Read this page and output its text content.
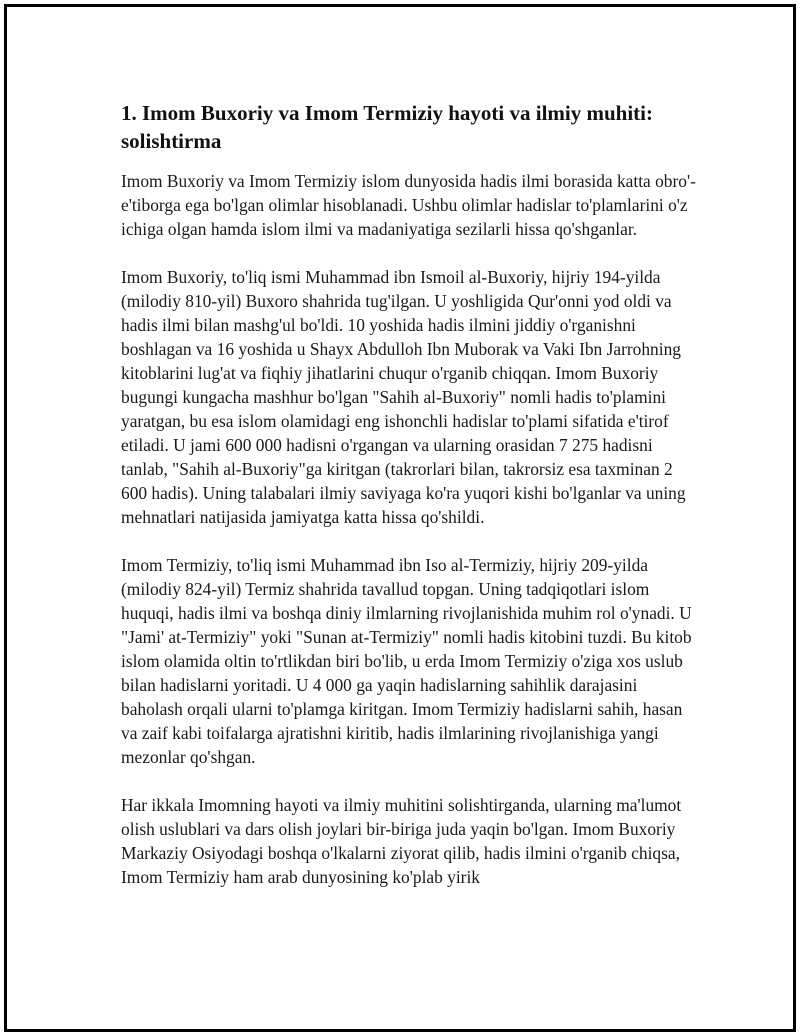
1. Imom Buxoriy va Imom Termiziy hayoti va ilmiy muhiti: solishtirma

Imom Buxoriy va Imom Termiziy islom dunyosida hadis ilmi borasida katta obro'-e'tiborga ega bo'lgan olimlar hisoblanadi. Ushbu olimlar hadislar to'plamlarini o'z ichiga olgan hamda islom ilmi va madaniyatiga sezilarli hissa qo'shganlar.

Imom Buxoriy, to'liq ismi Muhammad ibn Ismoil al-Buxoriy, hijriy 194-yilda (milodiy 810-yil) Buxoro shahrida tug'ilgan. U yoshligida Qur'onni yod oldi va hadis ilmi bilan mashg'ul bo'ldi. 10 yoshida hadis ilmini jiddiy o'rganishni boshlagan va 16 yoshida u Shayx Abdulloh Ibn Muborak va Vaki Ibn Jarrohning kitoblarini lug'at va fiqhiy jihatlarini chuqur o'rganib chiqqan. Imom Buxoriy bugungi kungacha mashhur bo'lgan "Sahih al-Buxoriy" nomli hadis to'plamini yaratgan, bu esa islom olamidagi eng ishonchli hadislar to'plami sifatida e'tirof etiladi. U jami 600 000 hadisni o'rgangan va ularning orasidan 7 275 hadisni tanlab, "Sahih al-Buxoriy"ga kiritgan (takrorlari bilan, takrorsiz esa taxminan 2 600 hadis). Uning talabalari ilmiy saviyaga ko'ra yuqori kishi bo'lganlar va uning mehnatlari natijasida jamiyatga katta hissa qo'shildi.

Imom Termiziy, to'liq ismi Muhammad ibn Iso al-Termiziy, hijriy 209-yilda (milodiy 824-yil) Termiz shahrida tavallud topgan. Uning tadqiqotlari islom huquqi, hadis ilmi va boshqa diniy ilmlarning rivojlanishida muhim rol o'ynadi. U "Jami' at-Termiziy" yoki "Sunan at-Termiziy" nomli hadis kitobini tuzdi. Bu kitob islom olamida oltin to'rtlikdan biri bo'lib, u erda Imom Termiziy o'ziga xos uslub bilan hadislarni yoritadi. U 4 000 ga yaqin hadislarning sahihlik darajasini baholash orqali ularni to'plamga kiritgan. Imom Termiziy hadislarni sahih, hasan va zaif kabi toifalarga ajratishni kiritib, hadis ilmlarining rivojlanishiga yangi mezonlar qo'shgan.

Har ikkala Imomning hayoti va ilmiy muhitini solishtirganda, ularning ma'lumot olish uslublari va dars olish joylari bir-biriga juda yaqin bo'lgan. Imom Buxoriy Markaziy Osiyodagi boshqa o'lkalarni ziyorat qilib, hadis ilmini o'rganib chiqsa, Imom Termiziy ham arab dunyosining ko'plab yirik
